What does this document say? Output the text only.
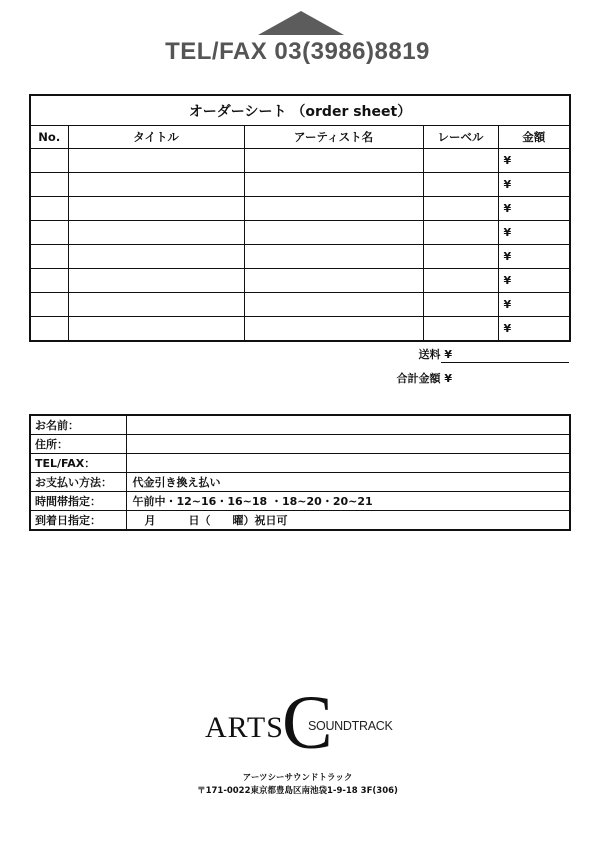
TEL/FAX 03(3986)8819
オーダーシート （order sheet）				
No.	タイトル	アーティスト名	レーベル	金額
				¥
				¥
				¥
				¥
				¥
				¥
				¥
				¥
送料 ¥
合計金額 ¥
お名前：	
住所：	
TEL/FAX：	
お支払い方法：	代金引き換え払い
時間帯指定：	午前中・12~16・16~18 ・18~20・20~21
到着日指定：	月　　　日（　　曜）祝日可
ARTS
C
SOUNDTRACK
アーツシーサウンドトラック
〒171-0022東京都豊島区南池袋1-9-18 3F(306)
